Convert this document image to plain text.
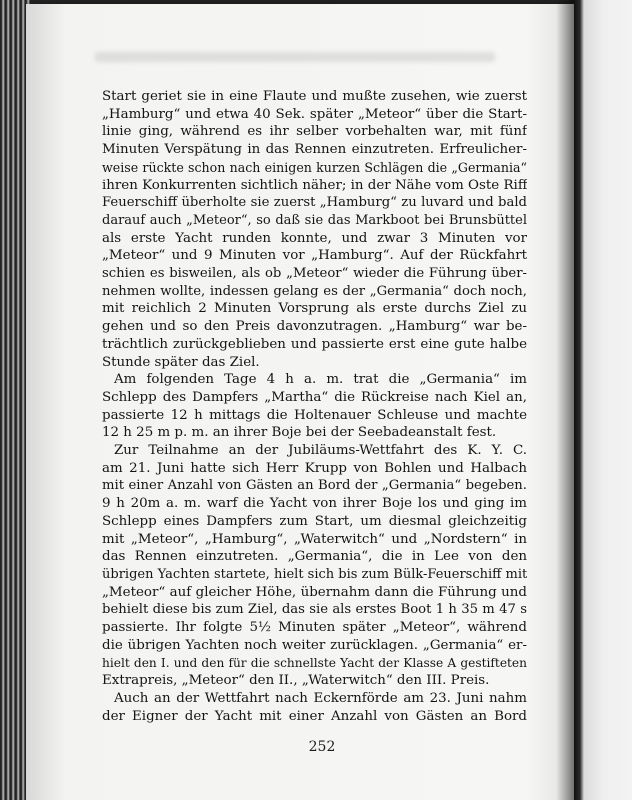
Start geriet sie in eine Flaute und mußte zusehen, wie zuerst
„Hamburg“ und etwa 40 Sek. später „Meteor“ über die Start-
linie ging, während es ihr selber vorbehalten war, mit fünf
Minuten Verspätung in das Rennen einzutreten. Erfreulicher-
weise rückte schon nach einigen kurzen Schlägen die „Germania“
ihren Konkurrenten sichtlich näher; in der Nähe vom Oste Riff
Feuerschiff überholte sie zuerst „Hamburg“ zu luvard und bald
darauf auch „Meteor“, so daß sie das Markboot bei Brunsbüttel
als erste Yacht runden konnte, und zwar 3 Minuten vor
„Meteor“ und 9 Minuten vor „Hamburg“. Auf der Rückfahrt
schien es bisweilen, als ob „Meteor“ wieder die Führung über-
nehmen wollte, indessen gelang es der „Germania“ doch noch,
mit reichlich 2 Minuten Vorsprung als erste durchs Ziel zu
gehen und so den Preis davonzutragen. „Hamburg“ war be-
trächtlich zurückgeblieben und passierte erst eine gute halbe
Stunde später das Ziel.
Am folgenden Tage 4 h a. m. trat die „Germania“ im
Schlepp des Dampfers „Martha“ die Rückreise nach Kiel an,
passierte 12 h mittags die Holtenauer Schleuse und machte
12 h 25 m p. m. an ihrer Boje bei der Seebadeanstalt fest.
Zur Teilnahme an der Jubiläums-Wettfahrt des K. Y. C.
am 21. Juni hatte sich Herr Krupp von Bohlen und Halbach
mit einer Anzahl von Gästen an Bord der „Germania“ begeben.
9 h 20m a. m. warf die Yacht von ihrer Boje los und ging im
Schlepp eines Dampfers zum Start, um diesmal gleichzeitig
mit „Meteor“, „Hamburg“, „Waterwitch“ und „Nordstern“ in
das Rennen einzutreten. „Germania“, die in Lee von den
übrigen Yachten startete, hielt sich bis zum Bülk-Feuerschiff mit
„Meteor“ auf gleicher Höhe, übernahm dann die Führung und
behielt diese bis zum Ziel, das sie als erstes Boot 1 h 35 m 47 s
passierte. Ihr folgte 5½ Minuten später „Meteor“, während
die übrigen Yachten noch weiter zurücklagen. „Germania“ er-
hielt den I. und den für die schnellste Yacht der Klasse A gestifteten
Extrapreis, „Meteor“ den II., „Waterwitch“ den III. Preis.
Auch an der Wettfahrt nach Eckernförde am 23. Juni nahm
der Eigner der Yacht mit einer Anzahl von Gästen an Bord
252
